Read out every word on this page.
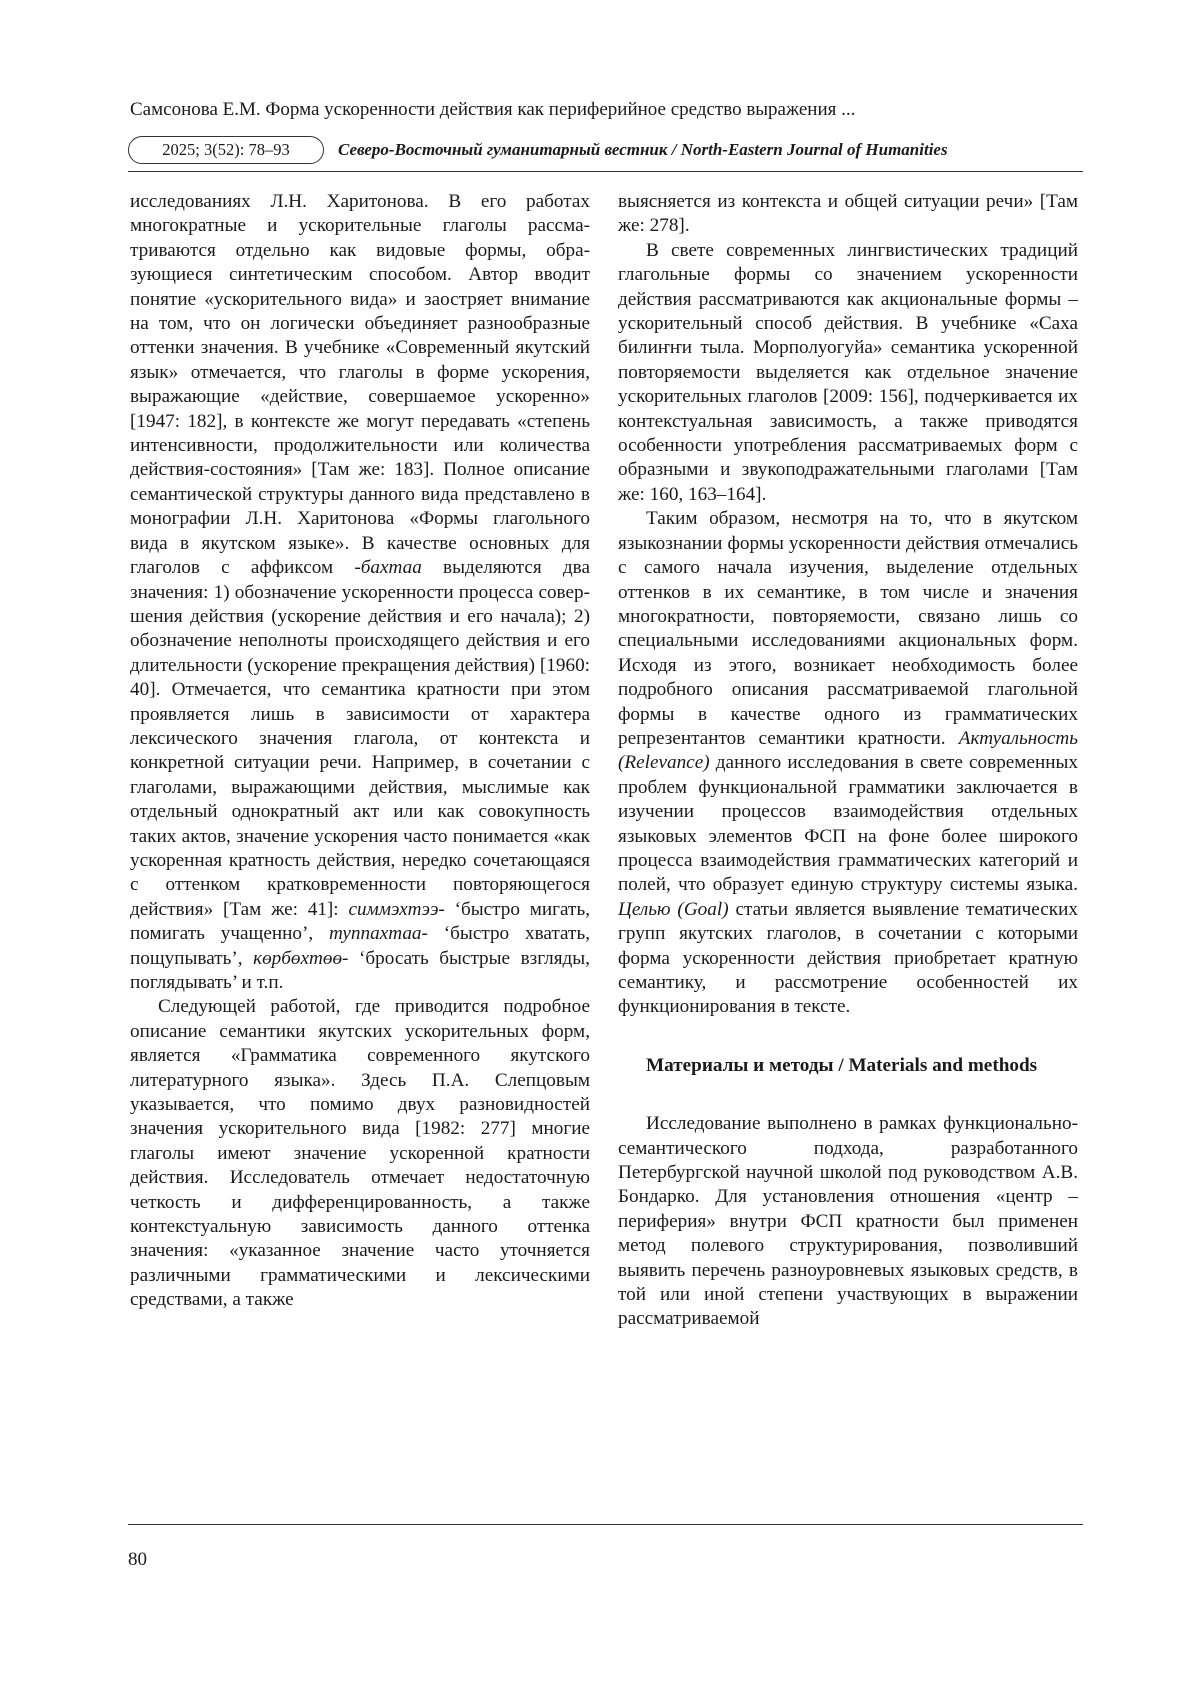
Самсонова Е.М. Форма ускоренности действия как периферийное средство выражения ...
2025; 3(52): 78–93	Северо-Восточный гуманитарный вестник / North-Eastern Journal of Humanities

исследованиях Л.Н. Харитонова. В его работах многократные и ускорительные глаголы рассматриваются отдельно как видовые формы, образующиеся синтетическим способом. Автор вводит понятие «ускорительного вида» и заостряет внимание на том, что он логически объединяет разнообразные оттенки значения. В учебнике «Современный якутский язык» отмечается, что глаголы в форме ускорения, выражающие «действие, совершаемое ускоренно» [1947: 182], в контексте же могут передавать «степень интенсивности, продолжительности или количества действия-состояния» [Там же: 183]. Полное описание семантической структуры данного вида представлено в монографии Л.Н. Харитонова «Формы глагольного вида в якутском языке». В качестве основных для глаголов с аффиксом -бахтаа выделяются два значения: 1) обозначение ускоренности процесса совершения действия (ускорение действия и его начала); 2) обозначение неполноты происходящего действия и его длительности (ускорение прекращения действия) [1960: 40]. Отмечается, что семантика кратности при этом проявляется лишь в зависимости от характера лексического значения глагола, от контекста и конкретной ситуации речи. Например, в сочетании с глаголами, выражающими действия, мыслимые как отдельный однократный акт или как совокупность таких актов, значение ускорения часто понимается «как ускоренная кратность действия, нередко сочетающаяся с оттенком кратковременности повторяющегося действия» [Там же: 41]: симмэхтээ- ʻбыстро мигать, помигать учащенно’, туппахтаа- ʻбыстро хватать, пощупывать’, көрбөхтөө- ʻбросать быстрые взгляды, поглядывать’ и т.п.

Следующей работой, где приводится подробное описание семантики якутских ускорительных форм, является «Грамматика современного якутского литературного языка». Здесь П.А. Слепцовым указывается, что помимо двух разновидностей значения ускорительного вида [1982: 277] многие глаголы имеют значение ускоренной кратности действия. Исследователь отмечает недостаточную четкость и дифференцированность, а также контекстуальную зависимость данного оттенка значения: «указанное значение часто уточняется различными грамматическими и лексическими средствами, а также

выясняется из контекста и общей ситуации речи» [Там же: 278].

В свете современных лингвистических традиций глагольные формы со значением ускоренности действия рассматриваются как акциональные формы – ускорительный способ действия. В учебнике «Саха билиҥҥи тыла. Морполуогуйа» семантика ускоренной повторяемости выделяется как отдельное значение ускорительных глаголов [2009: 156], подчеркивается их контекстуальная зависимость, а также приводятся особенности употребления рассматриваемых форм с образными и звукоподражательными глаголами [Там же: 160, 163–164].

Таким образом, несмотря на то, что в якутском языкознании формы ускоренности действия отмечались с самого начала изучения, выделение отдельных оттенков в их семантике, в том числе и значения многократности, повторяемости, связано лишь со специальными исследованиями акциональных форм. Исходя из этого, возникает необходимость более подробного описания рассматриваемой глагольной формы в качестве одного из грамматических репрезентантов семантики кратности. Актуальность (Relevance) данного исследования в свете современных проблем функциональной грамматики заключается в изучении процессов взаимодействия отдельных языковых элементов ФСП на фоне более широкого процесса взаимодействия грамматических категорий и полей, что образует единую структуру системы языка. Целью (Goal) статьи является выявление тематических групп якутских глаголов, в сочетании с которыми форма ускоренности действия приобретает кратную семантику, и рассмотрение особенностей их функционирования в тексте.

Материалы и методы / Materials and methods

Исследование выполнено в рамках функционально-семантического подхода, разработанного Петербургской научной школой под руководством А.В. Бондарко. Для установления отношения «центр – периферия» внутри ФСП кратности был применен метод полевого структурирования, позволивший выявить перечень разноуровневых языковых средств, в той или иной степени участвующих в выражении рассматриваемой

80
